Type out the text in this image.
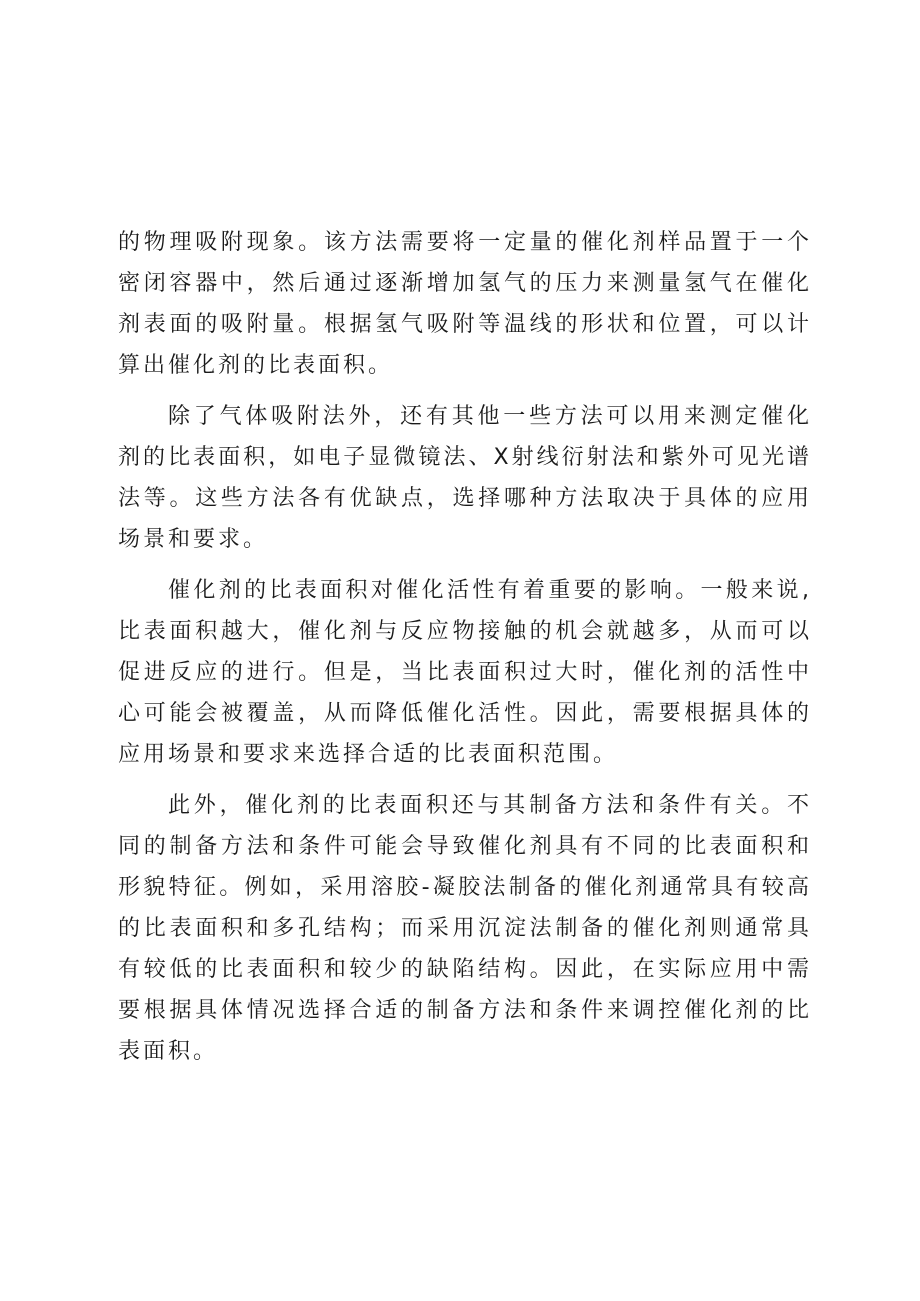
的物理吸附现象。该方法需要将一定量的催化剂样品置于一个密闭容器中，然后通过逐渐增加氢气的压力来测量氢气在催化剂表面的吸附量。根据氢气吸附等温线的形状和位置，可以计算出催化剂的比表面积。

除了气体吸附法外，还有其他一些方法可以用来测定催化剂的比表面积，如电子显微镜法、X射线衍射法和紫外可见光谱法等。这些方法各有优缺点，选择哪种方法取决于具体的应用场景和要求。

催化剂的比表面积对催化活性有着重要的影响。一般来说,比表面积越大，催化剂与反应物接触的机会就越多，从而可以促进反应的进行。但是，当比表面积过大时，催化剂的活性中心可能会被覆盖，从而降低催化活性。因此，需要根据具体的应用场景和要求来选择合适的比表面积范围。

此外，催化剂的比表面积还与其制备方法和条件有关。不同的制备方法和条件可能会导致催化剂具有不同的比表面积和形貌特征。例如，采用溶胶-凝胶法制备的催化剂通常具有较高的比表面积和多孔结构；而采用沉淀法制备的催化剂则通常具有较低的比表面积和较少的缺陷结构。因此，在实际应用中需要根据具体情况选择合适的制备方法和条件来调控催化剂的比表面积。
